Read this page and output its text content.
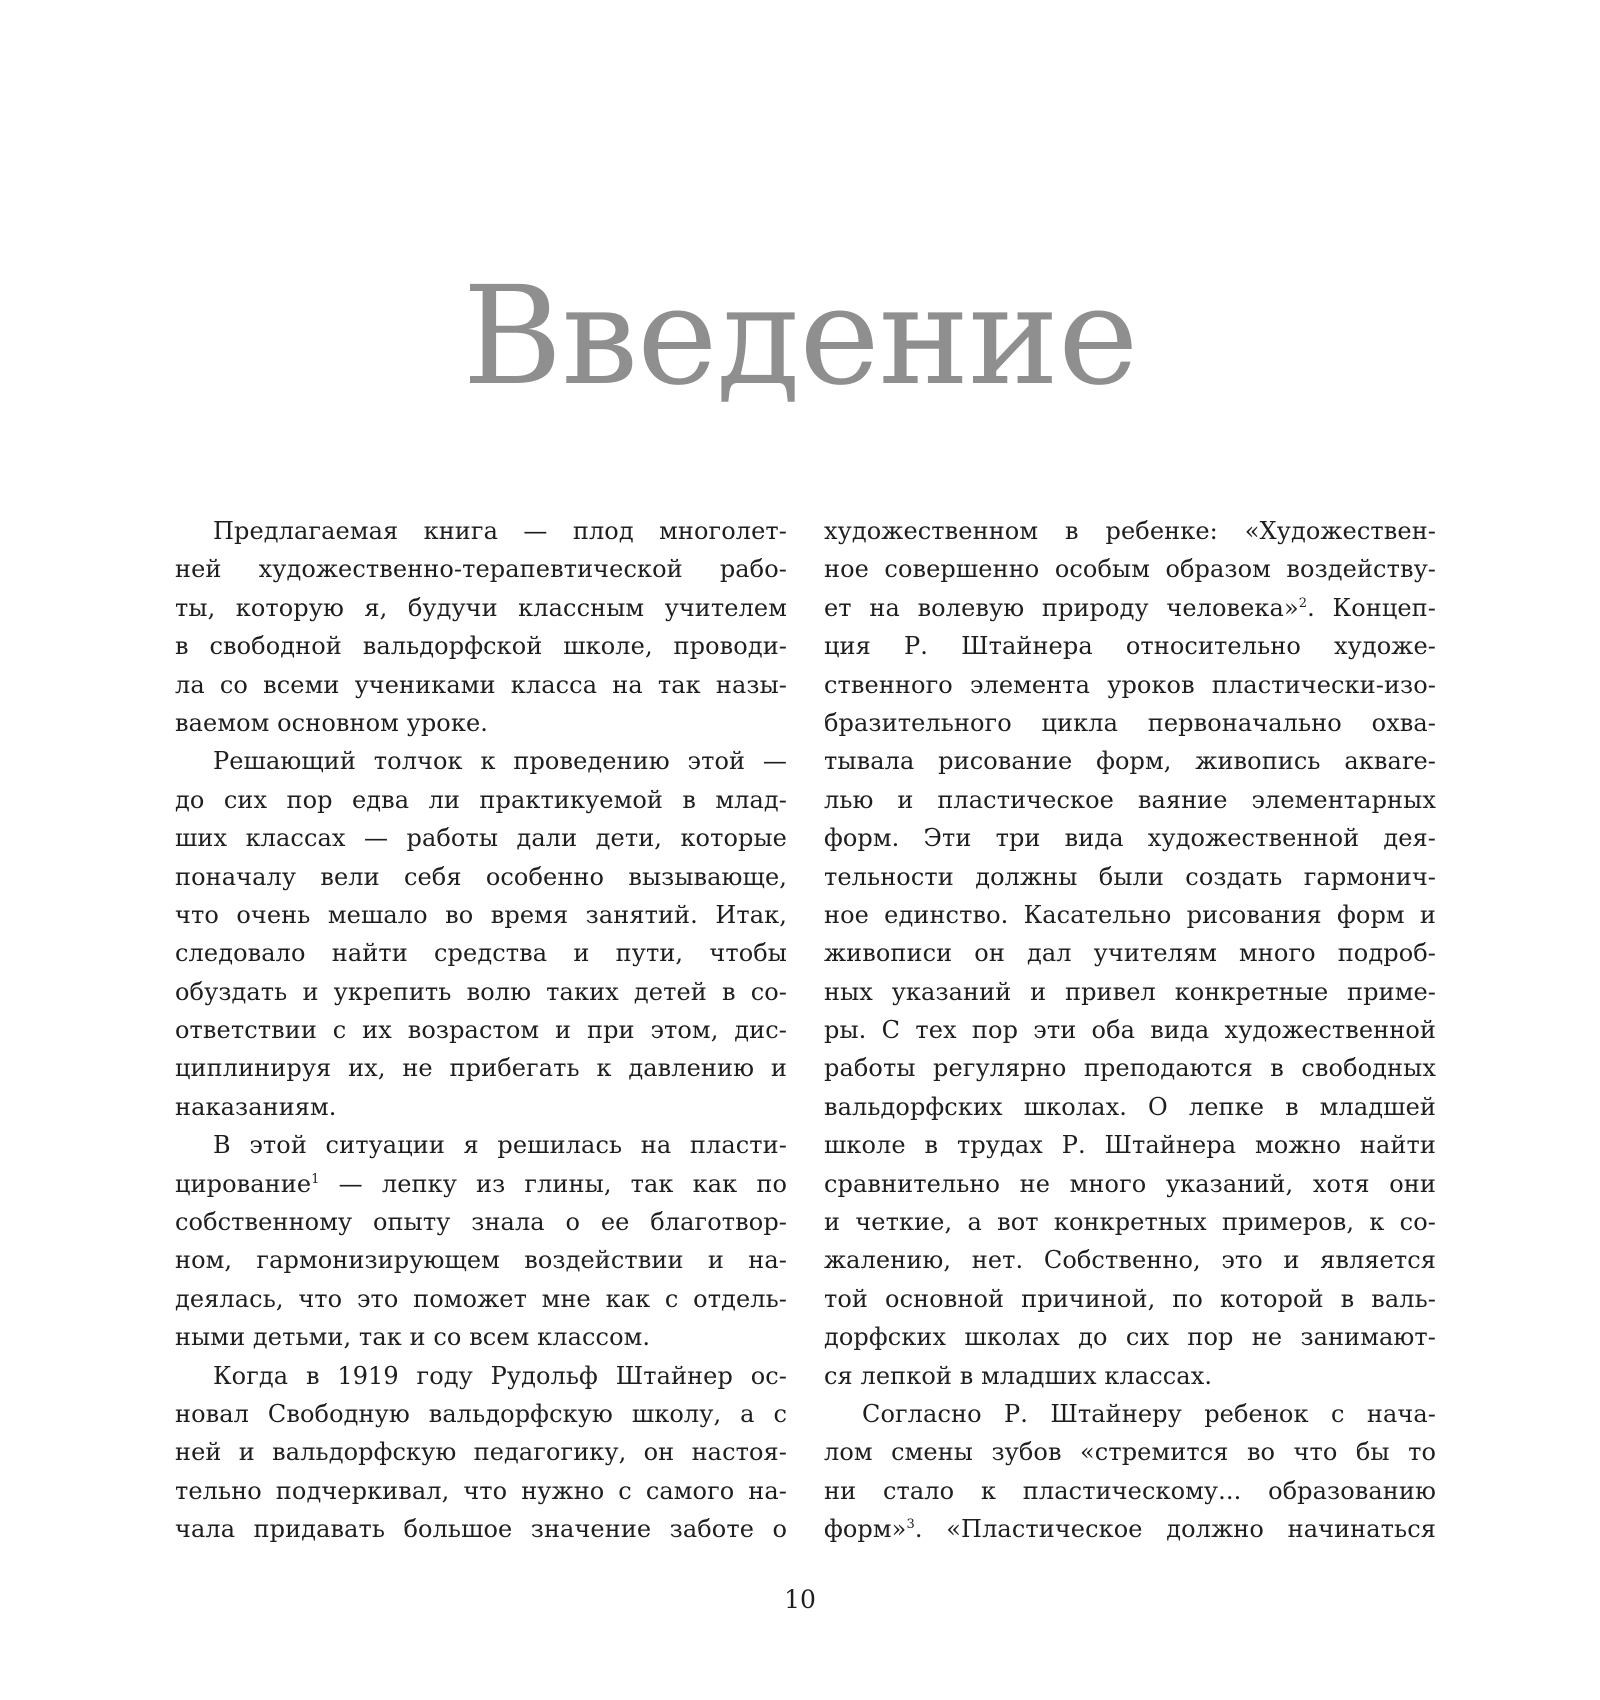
Введение
Предлагаемая книга — плод многолет-
ней художественно-терапевтической рабо-
ты, которую я, будучи классным учителем
в свободной вальдорфской школе, проводи-
ла со всеми учениками класса на так назы-
ваемом основном уроке.
Решающий толчок к проведению этой —
до сих пор едва ли практикуемой в млад-
ших классах — работы дали дети, которые
поначалу вели себя особенно вызывающе,
что очень мешало во время занятий. Итак,
следовало найти средства и пути, чтобы
обуздать и укрепить волю таких детей в со-
ответствии с их возрастом и при этом, дис-
циплинируя их, не прибегать к давлению и
наказаниям.
В этой ситуации я решилась на пласти-
цирование$^1$ — лепку из глины, так как по
собственному опыту знала о ее благотвор-
ном, гармонизирующем воздействии и на-
деялась, что это поможет мне как с отдель-
ными детьми, так и со всем классом.
Когда в 1919 году Рудольф Штайнер ос-
новал Свободную вальдорфскую школу, а с
ней и вальдорфскую педагогику, он настоя-
тельно подчеркивал, что нужно с самого на-
чала придавать большое значение заботе о
художественном в ребенке: «Художествен-
ное совершенно особым образом воздейству-
ет на волевую природу человека»$^2$. Концеп-
ция Р. Штайнера относительно художе-
ственного элемента уроков пластически-изо-
бразительного цикла первоначально охва-
тывала рисование форм, живопись аквare-
лью и пластическое ваяние элементарных
форм. Эти три вида художественной дея-
тельности должны были создать гармонич-
ное единство. Касательно рисования форм и
живописи он дал учителям много подроб-
ных указаний и привел конкретные приме-
ры. С тех пор эти оба вида художественной
работы регулярно преподаются в свободных
вальдорфских школах. О лепке в младшей
школе в трудах Р. Штайнера можно найти
сравнительно не много указаний, хотя они
и четкие, а вот конкретных примеров, к со-
жалению, нет. Собственно, это и является
той основной причиной, по которой в валь-
дорфских школах до сих пор не занимают-
ся лепкой в младших классах.
Согласно Р. Штайнеру ребенок с нача-
лом смены зубов «стремится во что бы то
ни стало к пластическому... образованию
форм»$^3$. «Пластическое должно начинаться
10
